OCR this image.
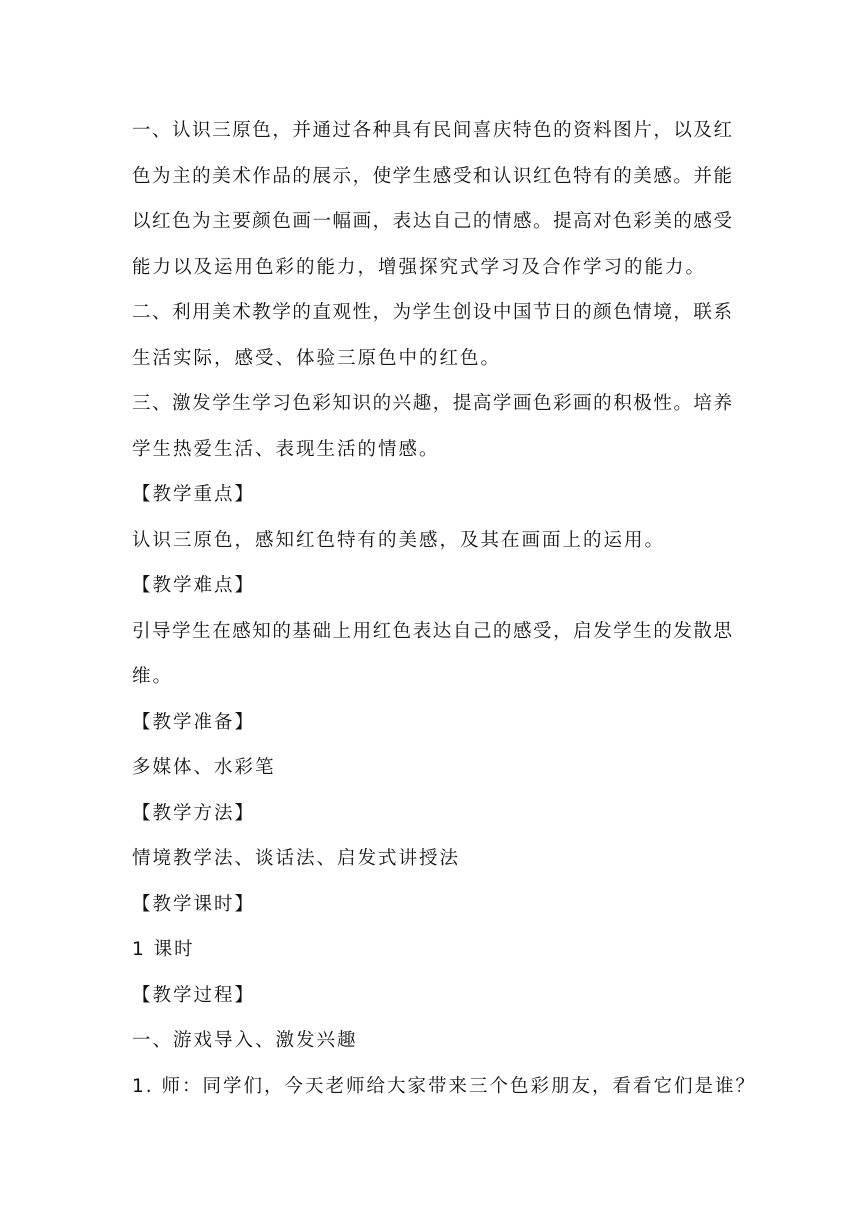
一、认识三原色，并通过各种具有民间喜庆特色的资料图片，以及红
色为主的美术作品的展示，使学生感受和认识红色特有的美感。并能
以红色为主要颜色画一幅画，表达自己的情感。提高对色彩美的感受
能力以及运用色彩的能力，增强探究式学习及合作学习的能力。
二、利用美术教学的直观性，为学生创设中国节日的颜色情境，联系
生活实际，感受、体验三原色中的红色。
三、激发学生学习色彩知识的兴趣，提高学画色彩画的积极性。培养
学生热爱生活、表现生活的情感。
【教学重点】
认识三原色，感知红色特有的美感，及其在画面上的运用。
【教学难点】
引导学生在感知的基础上用红色表达自己的感受，启发学生的发散思
维。
【教学准备】
多媒体、水彩笔
【教学方法】
情境教学法、谈话法、启发式讲授法
【教学课时】
1 课时
【教学过程】
一、游戏导入、激发兴趣
1. 师：同学们，今天老师给大家带来三个色彩朋友，看看它们是谁？
